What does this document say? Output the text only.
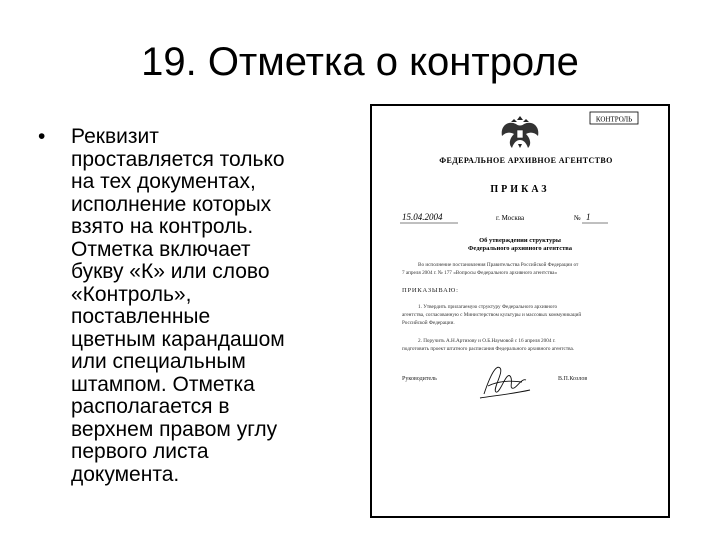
19. Отметка о контроле
•	Реквизит
проставляется только
на тех документах,
исполнение которых
взято на контроль.
Отметка включает
букву «К» или слово
«Контроль»,
поставленные
цветным карандашом
или специальным
штампом. Отметка
располагается в
верхнем правом углу
первого листа
документа.
КОНТРОЛЬ
ФЕДЕРАЛЬНОЕ АРХИВНОЕ АГЕНТСТВО
ПРИКАЗ
15.04.2004	г. Москва	№ 1
Об утверждении структуры
Федерального архивного агентства
Во исполнение постановления Правительства Российской Федерации от
7 апреля 2004 г. № 177 «Вопросы Федерального архивного агентства»
ПРИКАЗЫВАЮ:
1. Утвердить прилагаемую структуру Федерального архивного
агентства, согласованную с Министерством культуры и массовых коммуникаций
Российской Федерации.
2. Поручить А.Н.Артизову и О.Б.Наумовой с 16 апреля 2004 г.
подготовить проект штатного расписания Федерального архивного агентства.
Руководитель	В.П.Козлов
